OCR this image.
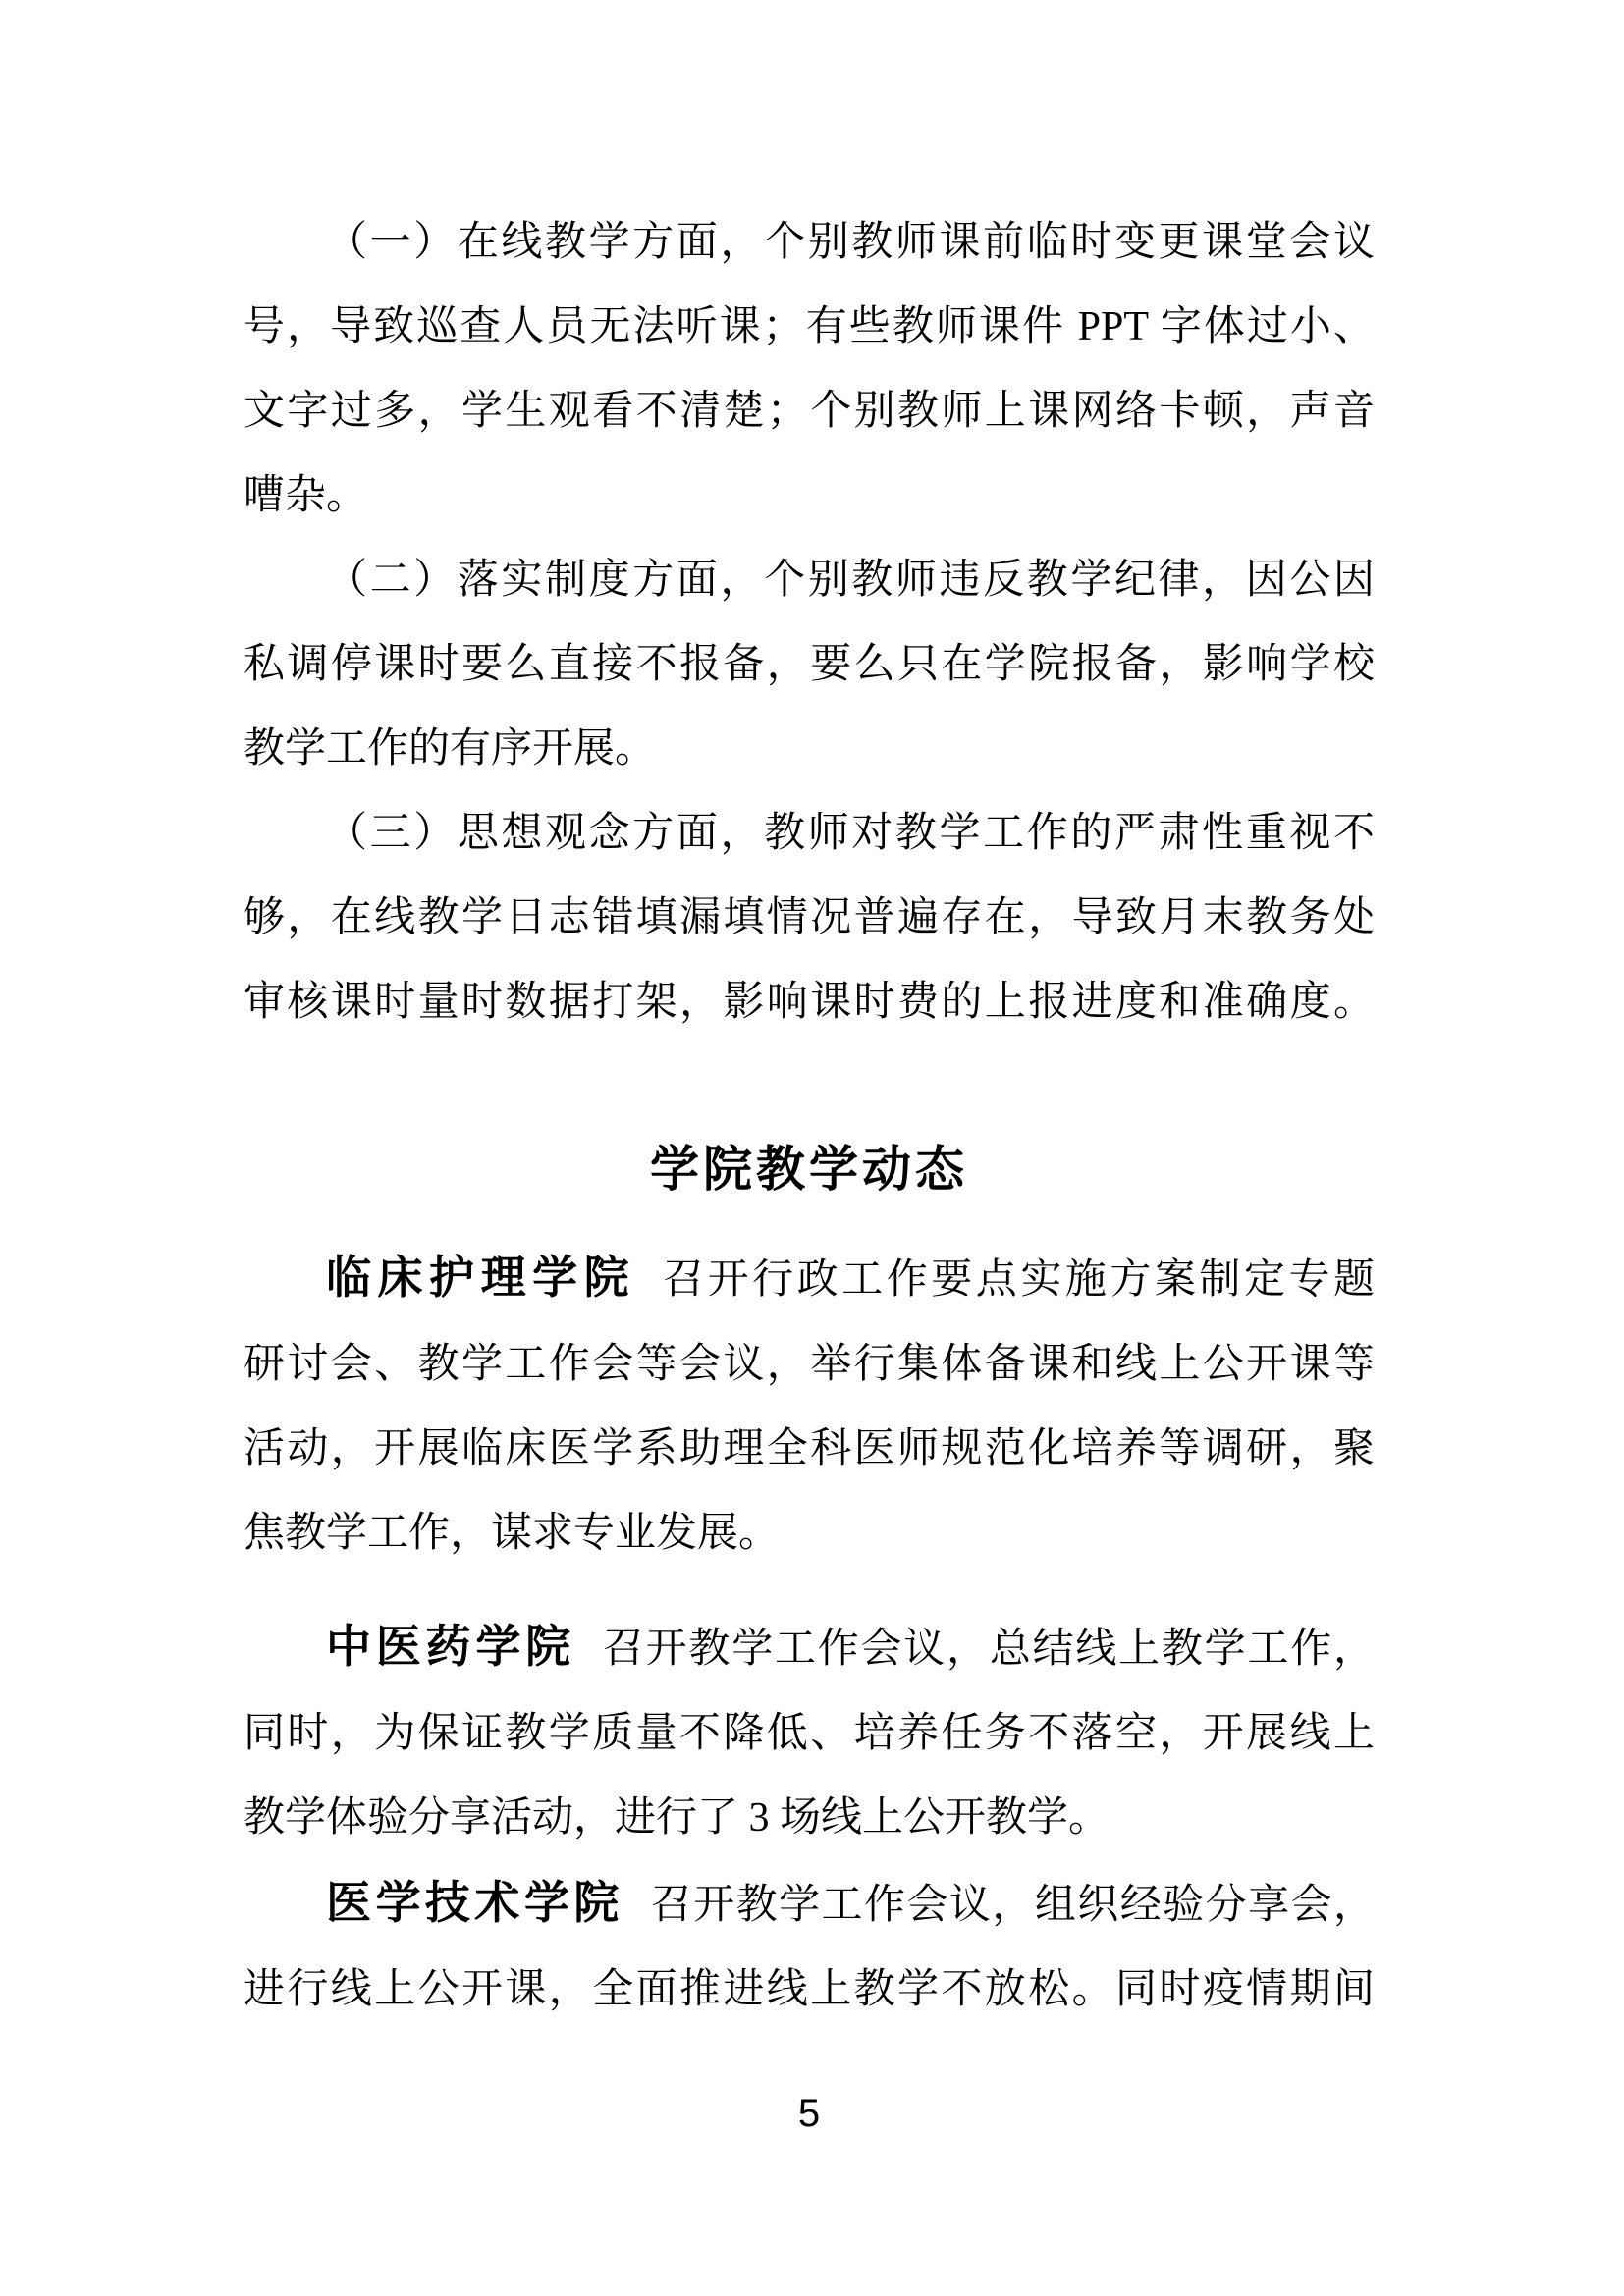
（一）在线教学方面，个别教师课前临时变更课堂会议
号，导致巡查人员无法听课；有些教师课件 PPT 字体过小、
文字过多，学生观看不清楚；个别教师上课网络卡顿，声音
嘈杂。
（二）落实制度方面，个别教师违反教学纪律，因公因
私调停课时要么直接不报备，要么只在学院报备，影响学校
教学工作的有序开展。
（三）思想观念方面，教师对教学工作的严肃性重视不
够，在线教学日志错填漏填情况普遍存在，导致月末教务处
审核课时量时数据打架，影响课时费的上报进度和准确度。
学院教学动态
临床护理学院 召开行政工作要点实施方案制定专题
研讨会、教学工作会等会议，举行集体备课和线上公开课等
活动，开展临床医学系助理全科医师规范化培养等调研，聚
焦教学工作，谋求专业发展。
中医药学院 召开教学工作会议，总结线上教学工作，
同时，为保证教学质量不降低、培养任务不落空，开展线上
教学体验分享活动，进行了 3 场线上公开教学。
医学技术学院 召开教学工作会议，组织经验分享会，
进行线上公开课，全面推进线上教学不放松。同时疫情期间
5
